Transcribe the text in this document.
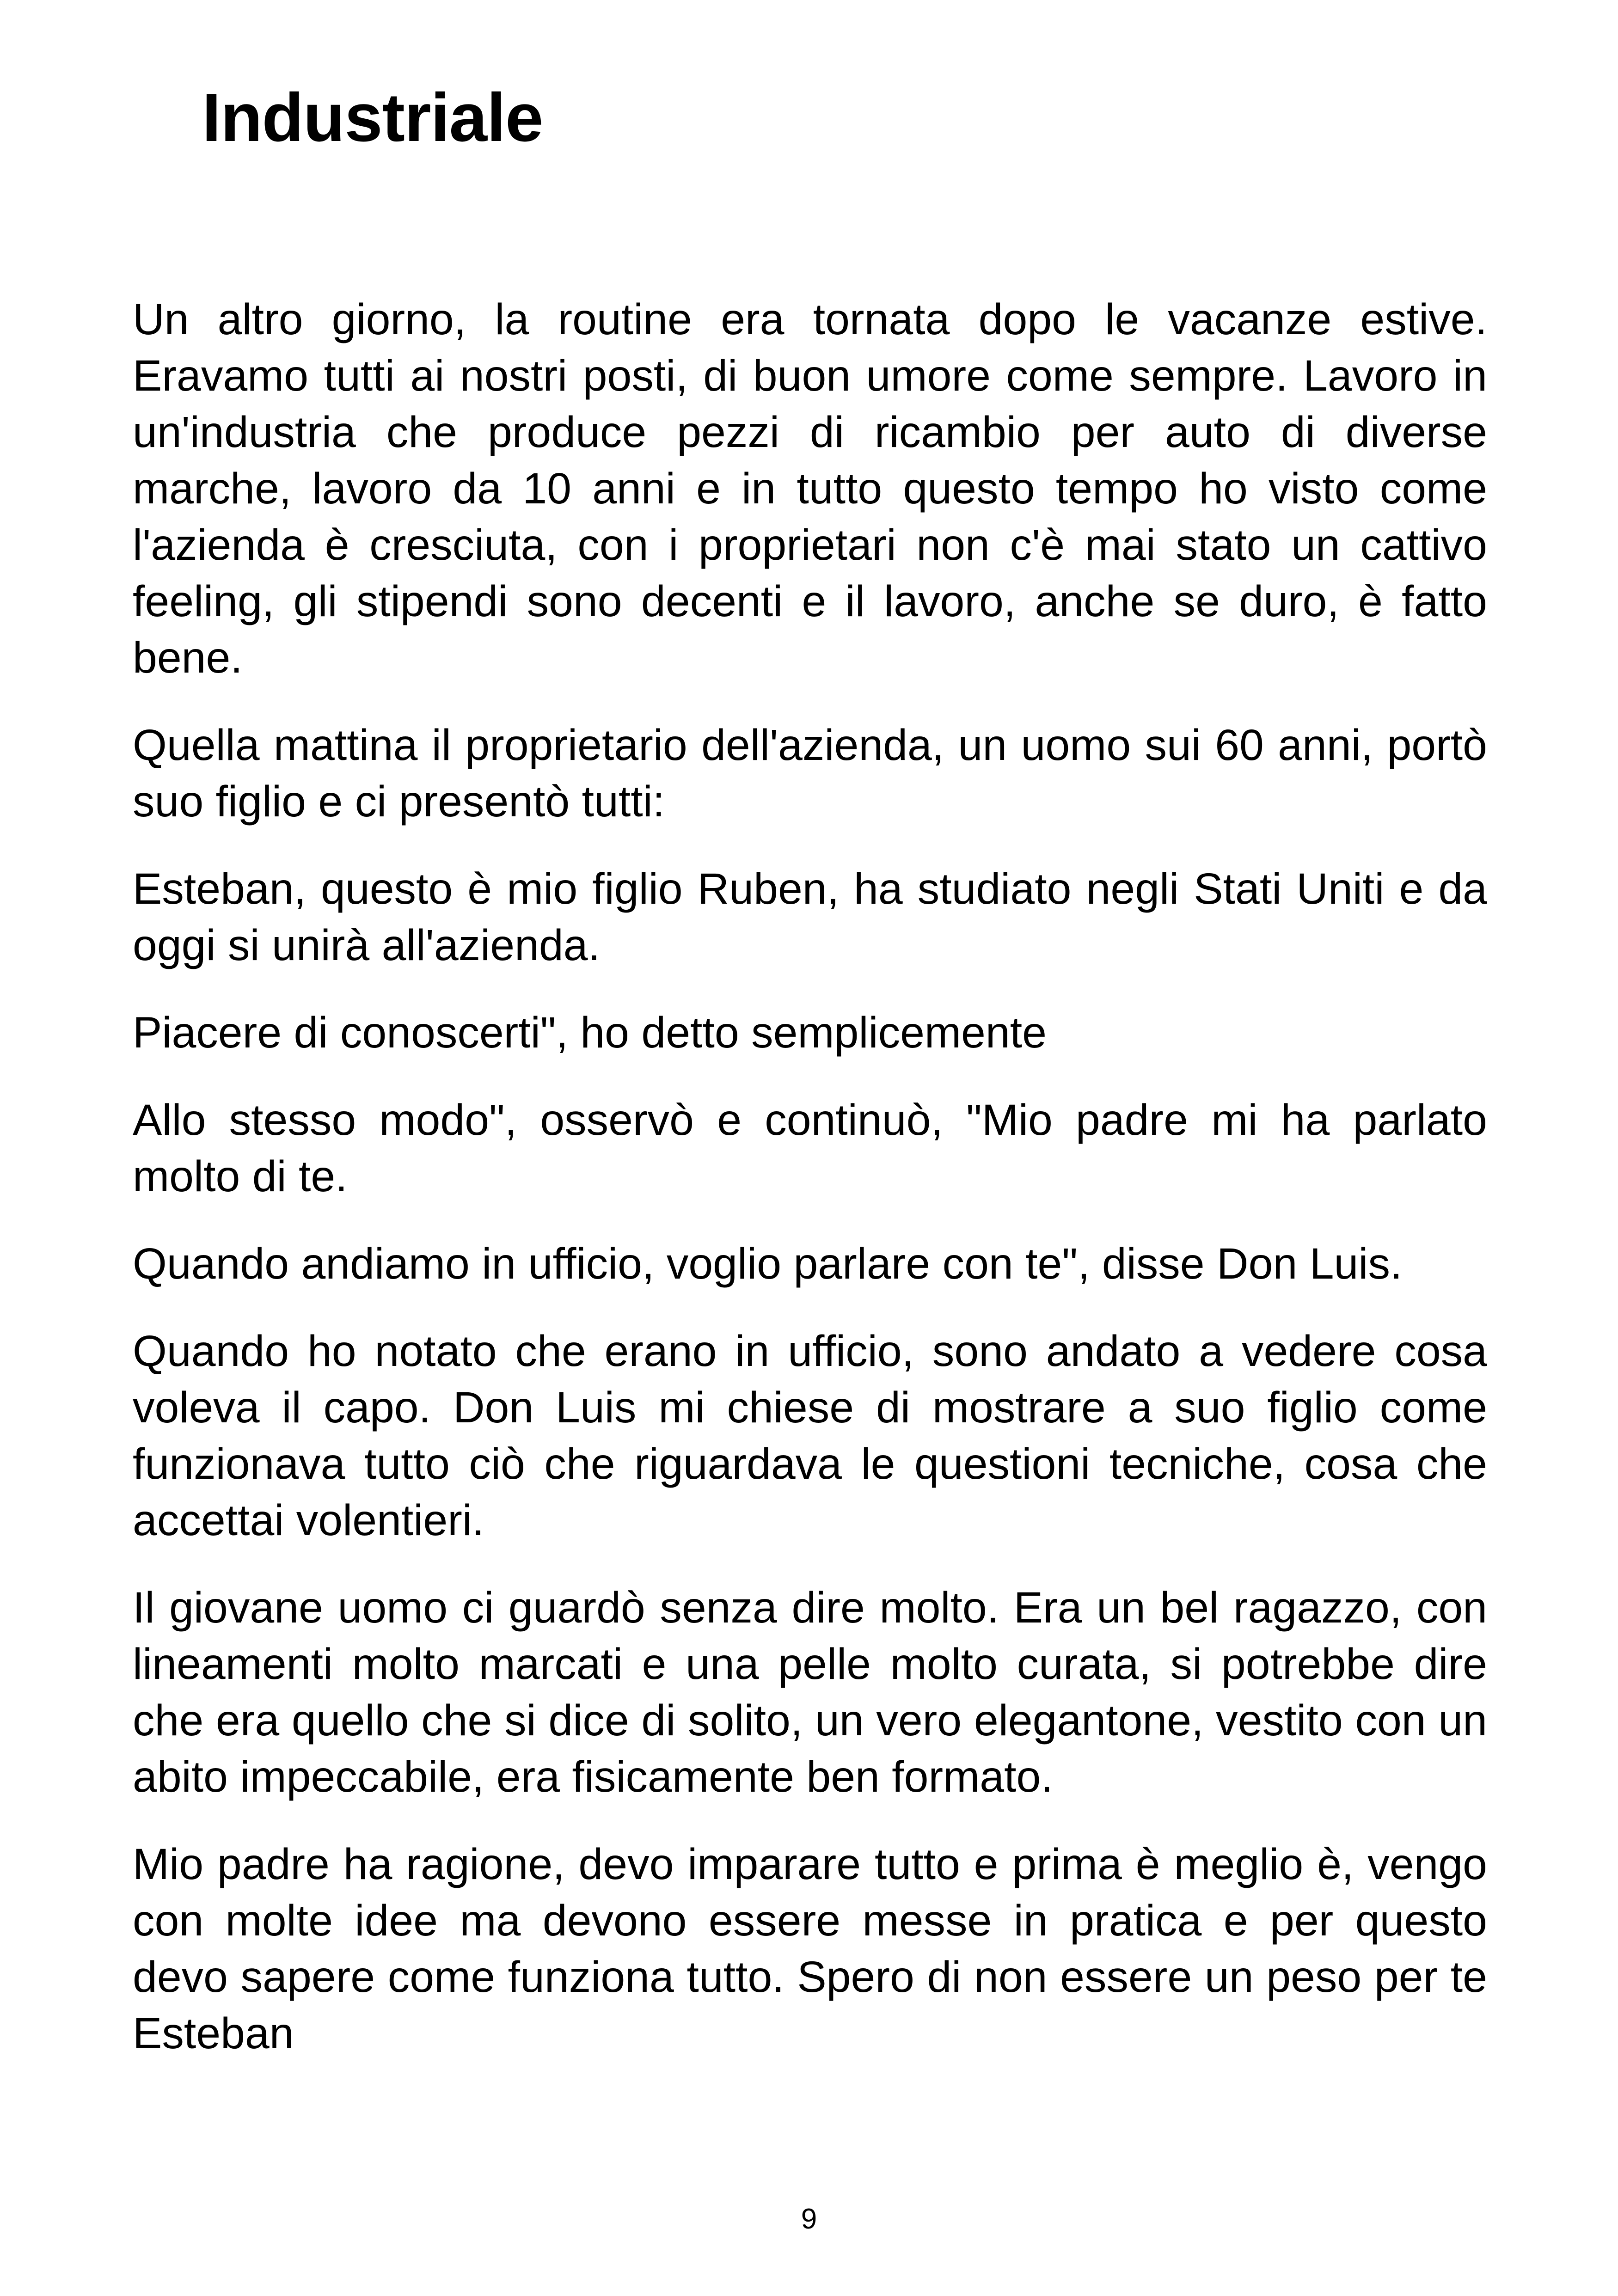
Industriale

Un altro giorno, la routine era tornata dopo le vacanze estive. Eravamo tutti ai nostri posti, di buon umore come sempre. Lavoro in un'industria che produce pezzi di ricambio per auto di diverse marche, lavoro da 10 anni e in tutto questo tempo ho visto come l'azienda è cresciuta, con i proprietari non c'è mai stato un cattivo feeling, gli stipendi sono decenti e il lavoro, anche se duro, è fatto bene.

Quella mattina il proprietario dell'azienda, un uomo sui 60 anni, portò suo figlio e ci presentò tutti:

Esteban, questo è mio figlio Ruben, ha studiato negli Stati Uniti e da oggi si unirà all'azienda.

Piacere di conoscerti", ho detto semplicemente

Allo stesso modo", osservò e continuò, "Mio padre mi ha parlato molto di te.

Quando andiamo in ufficio, voglio parlare con te", disse Don Luis.

Quando ho notato che erano in ufficio, sono andato a vedere cosa voleva il capo. Don Luis mi chiese di mostrare a suo figlio come funzionava tutto ciò che riguardava le questioni tecniche, cosa che accettai volentieri.

Il giovane uomo ci guardò senza dire molto. Era un bel ragazzo, con lineamenti molto marcati e una pelle molto curata, si potrebbe dire che era quello che si dice di solito, un vero elegantone, vestito con un abito impeccabile, era fisicamente ben formato.

Mio padre ha ragione, devo imparare tutto e prima è meglio è, vengo con molte idee ma devono essere messe in pratica e per questo devo sapere come funziona tutto. Spero di non essere un peso per te Esteban

9
